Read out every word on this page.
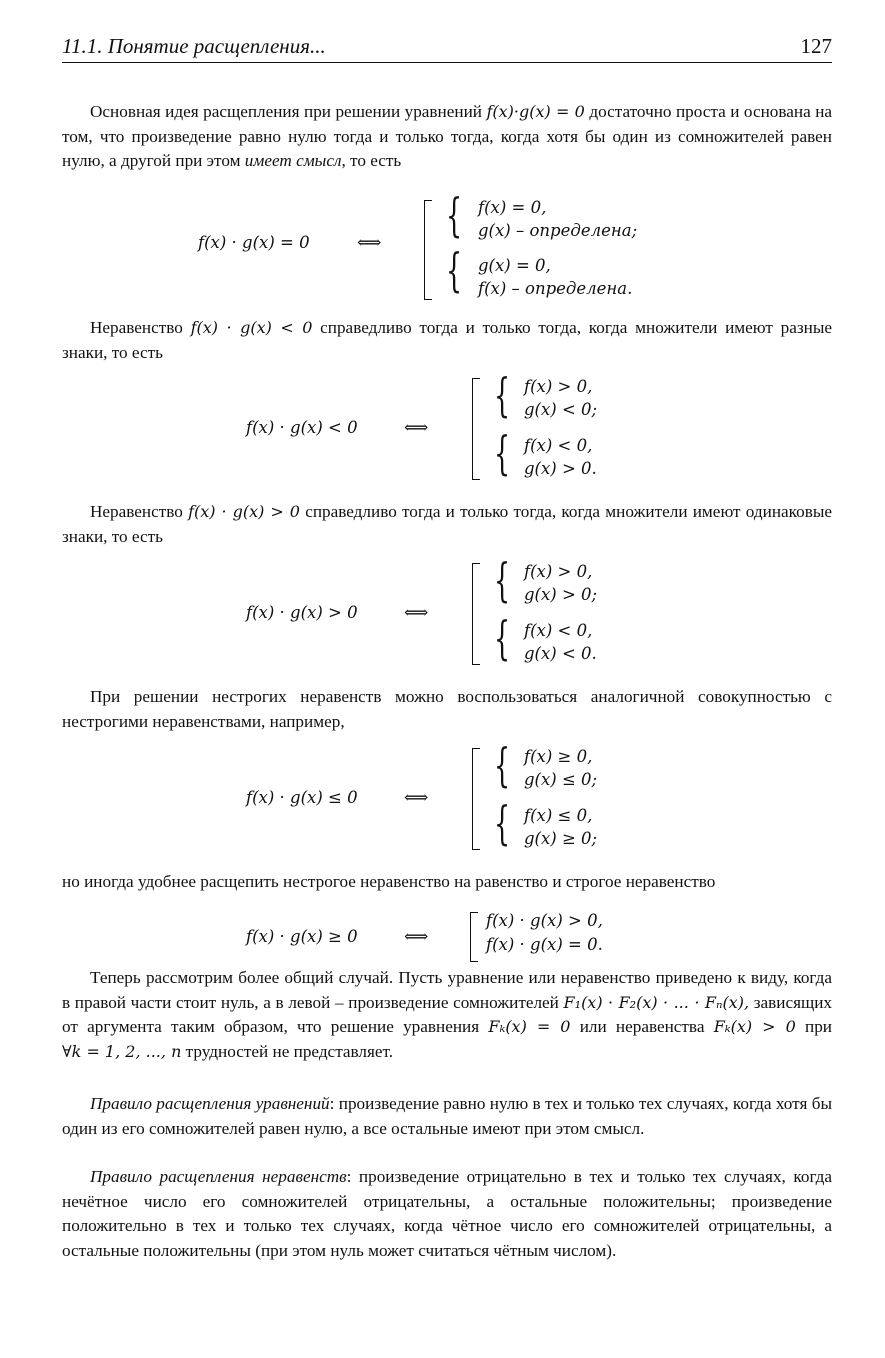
11.1. Понятие расщепления...	127
Основная идея расщепления при решении уравнений f(x)·g(x) = 0 достаточно проста и основана на том, что произведение равно нулю тогда и только тогда, когда хотя бы один из сомножителей равен нулю, а другой при этом имеет смысл, то есть
f(x) · g(x) = 0	⟺
{
{
f(x) = 0,
g(x) – определена;
g(x) = 0,
f(x) – определена.
Неравенство f(x) · g(x) < 0 справедливо тогда и только тогда, когда множители имеют разные знаки, то есть
f(x) · g(x) < 0	⟺
{
{
f(x) > 0,
g(x) < 0;
f(x) < 0,
g(x) > 0.
Неравенство f(x) · g(x) > 0 справедливо тогда и только тогда, когда множители имеют одинаковые знаки, то есть
f(x) · g(x) > 0	⟺
{
{
f(x) > 0,
g(x) > 0;
f(x) < 0,
g(x) < 0.
При решении нестрогих неравенств можно воспользоваться аналогичной совокупностью с нестрогими неравенствами, например,
f(x) · g(x) ≤ 0	⟺
{
{
f(x) ≥ 0,
g(x) ≤ 0;
f(x) ≤ 0,
g(x) ≥ 0;
но иногда удобнее расщепить нестрогое неравенство на равенство и строгое неравенство
f(x) · g(x) ≥ 0	⟺
f(x) · g(x) > 0,
f(x) · g(x) = 0.
Теперь рассмотрим более общий случай. Пусть уравнение или неравенство приведено к виду, когда в правой части стоит нуль, а в левой – произведение сомножителей F₁(x) · F₂(x) · ... · Fₙ(x), зависящих от аргумента таким образом, что решение уравнения Fₖ(x) = 0 или неравенства Fₖ(x) > 0 при ∀k = 1, 2, ..., n трудностей не представляет.
Правило расщепления уравнений: произведение равно нулю в тех и только тех случаях, когда хотя бы один из его сомножителей равен нулю, а все остальные имеют при этом смысл.
Правило расщепления неравенств: произведение отрицательно в тех и только тех случаях, когда нечётное число его сомножителей отрицательны, а остальные положительны; произведение положительно в тех и только тех случаях, когда чётное число его сомножителей отрицательны, а остальные положительны (при этом нуль может считаться чётным числом).
